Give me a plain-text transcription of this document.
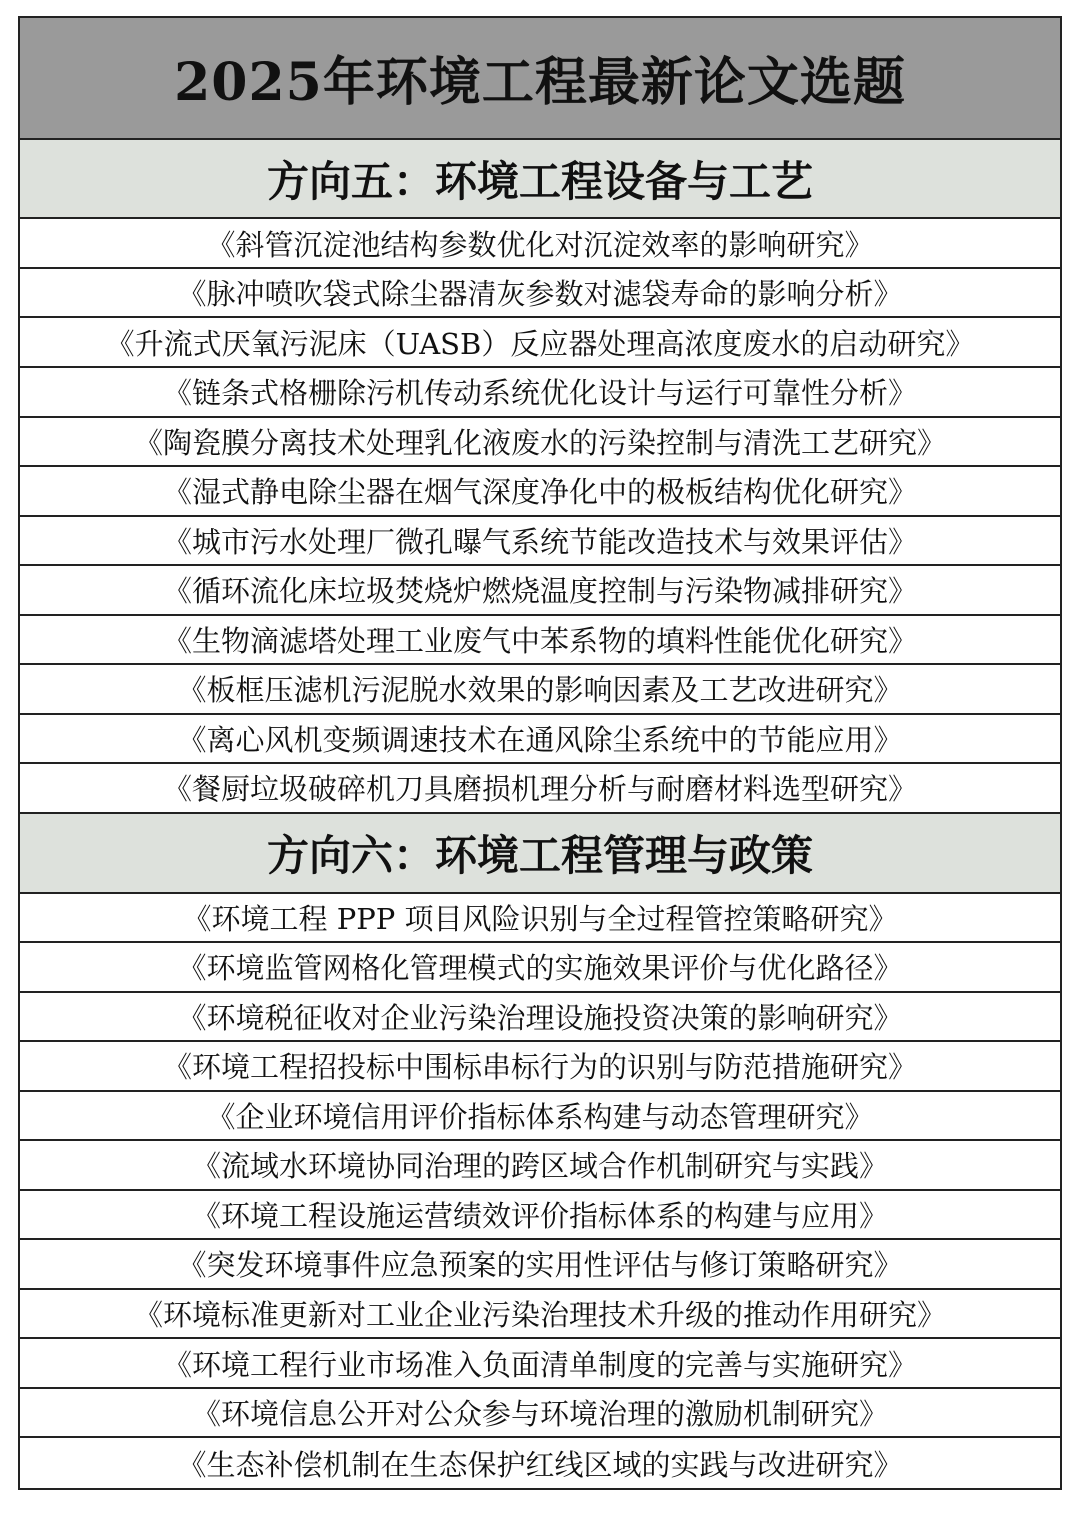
2025年环境工程最新论文选题
方向五：环境工程设备与工艺
《斜管沉淀池结构参数优化对沉淀效率的影响研究》
《脉冲喷吹袋式除尘器清灰参数对滤袋寿命的影响分析》
《升流式厌氧污泥床（UASB）反应器处理高浓度废水的启动研究》
《链条式格栅除污机传动系统优化设计与运行可靠性分析》
《陶瓷膜分离技术处理乳化液废水的污染控制与清洗工艺研究》
《湿式静电除尘器在烟气深度净化中的极板结构优化研究》
《城市污水处理厂微孔曝气系统节能改造技术与效果评估》
《循环流化床垃圾焚烧炉燃烧温度控制与污染物减排研究》
《生物滴滤塔处理工业废气中苯系物的填料性能优化研究》
《板框压滤机污泥脱水效果的影响因素及工艺改进研究》
《离心风机变频调速技术在通风除尘系统中的节能应用》
《餐厨垃圾破碎机刀具磨损机理分析与耐磨材料选型研究》
方向六：环境工程管理与政策
《环境工程 PPP 项目风险识别与全过程管控策略研究》
《环境监管网格化管理模式的实施效果评价与优化路径》
《环境税征收对企业污染治理设施投资决策的影响研究》
《环境工程招投标中围标串标行为的识别与防范措施研究》
《企业环境信用评价指标体系构建与动态管理研究》
《流域水环境协同治理的跨区域合作机制研究与实践》
《环境工程设施运营绩效评价指标体系的构建与应用》
《突发环境事件应急预案的实用性评估与修订策略研究》
《环境标准更新对工业企业污染治理技术升级的推动作用研究》
《环境工程行业市场准入负面清单制度的完善与实施研究》
《环境信息公开对公众参与环境治理的激励机制研究》
《生态补偿机制在生态保护红线区域的实践与改进研究》
